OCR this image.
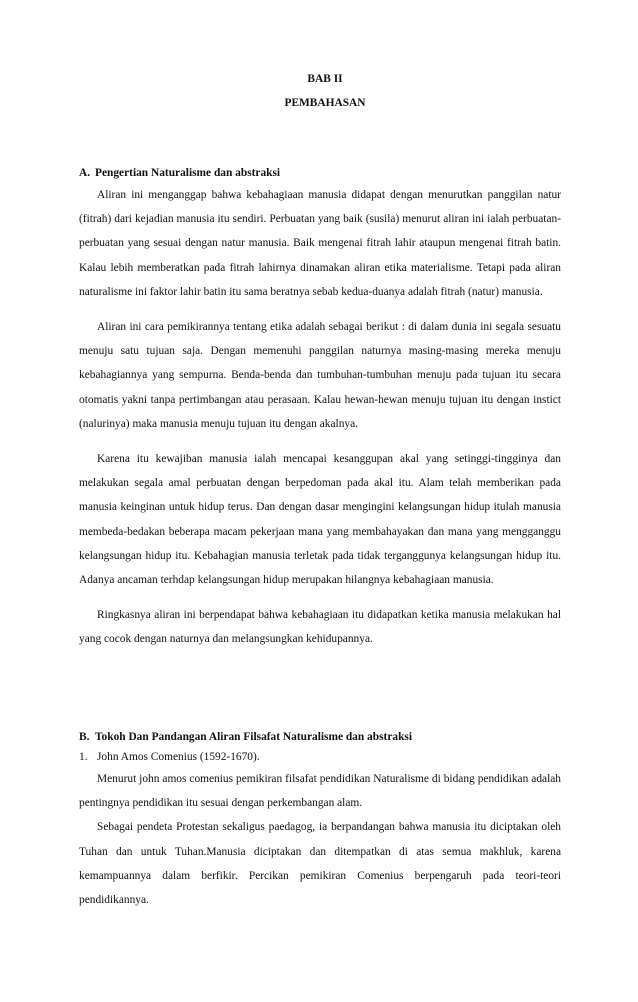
BAB II
PEMBAHASAN
A. Pengertian Naturalisme dan abstraksi

Aliran ini menganggap bahwa kebahagiaan manusia didapat dengan menurutkan panggilan natur (fitrah) dari kejadian manusia itu sendiri. Perbuatan yang baik (susila) menurut aliran ini ialah perbuatan-perbuatan yang sesuai dengan natur manusia. Baik mengenai fitrah lahir ataupun mengenai fitrah batin. Kalau lebih memberatkan pada fitrah lahirnya dinamakan aliran etika materialisme. Tetapi pada aliran naturalisme ini faktor lahir batin itu sama beratnya sebab kedua-duanya adalah fitrah (natur) manusia.

Aliran ini cara pemikirannya tentang etika adalah sebagai berikut : di dalam dunia ini segala sesuatu menuju satu tujuan saja. Dengan memenuhi panggilan naturnya masing-masing mereka menuju kebahagiannya yang sempurna. Benda-benda dan tumbuhan-tumbuhan menuju pada tujuan itu secara otomatis yakni tanpa pertimbangan atau perasaan. Kalau hewan-hewan menuju tujuan itu dengan instict (nalurinya) maka manusia menuju tujuan itu dengan akalnya.

Karena itu kewajiban manusia ialah mencapai kesanggupan akal yang setinggi-tingginya dan melakukan segala amal perbuatan dengan berpedoman pada akal itu. Alam telah memberikan pada manusia keinginan untuk hidup terus. Dan dengan dasar mengingini kelangsungan hidup itulah manusia membeda-bedakan beberapa macam pekerjaan mana yang membahayakan dan mana yang mengganggu kelangsungan hidup itu. Kebahagian manusia terletak pada tidak terganggunya kelangsungan hidup itu. Adanya ancaman terhdap kelangsungan hidup merupakan hilangnya kebahagiaan manusia.

Ringkasnya aliran ini berpendapat bahwa kebahagiaan itu didapatkan ketika manusia melakukan hal yang cocok dengan naturnya dan melangsungkan kehidupannya.

B. Tokoh Dan Pandangan Aliran Filsafat Naturalisme dan abstraksi
1. John Amos Comenius (1592-1670).

Menurut john amos comenius pemikiran filsafat pendidikan Naturalisme di bidang pendidikan adalah pentingnya pendidikan itu sesuai dengan perkembangan alam.

Sebagai pendeta Protestan sekaligus paedagog, ia berpandangan bahwa manusia itu diciptakan oleh Tuhan dan untuk Tuhan.Manusia diciptakan dan ditempatkan di atas semua makhluk, karena kemampuannya dalam berfikir. Percikan pemikiran Comenius berpengaruh pada teori-teori pendidikannya.
